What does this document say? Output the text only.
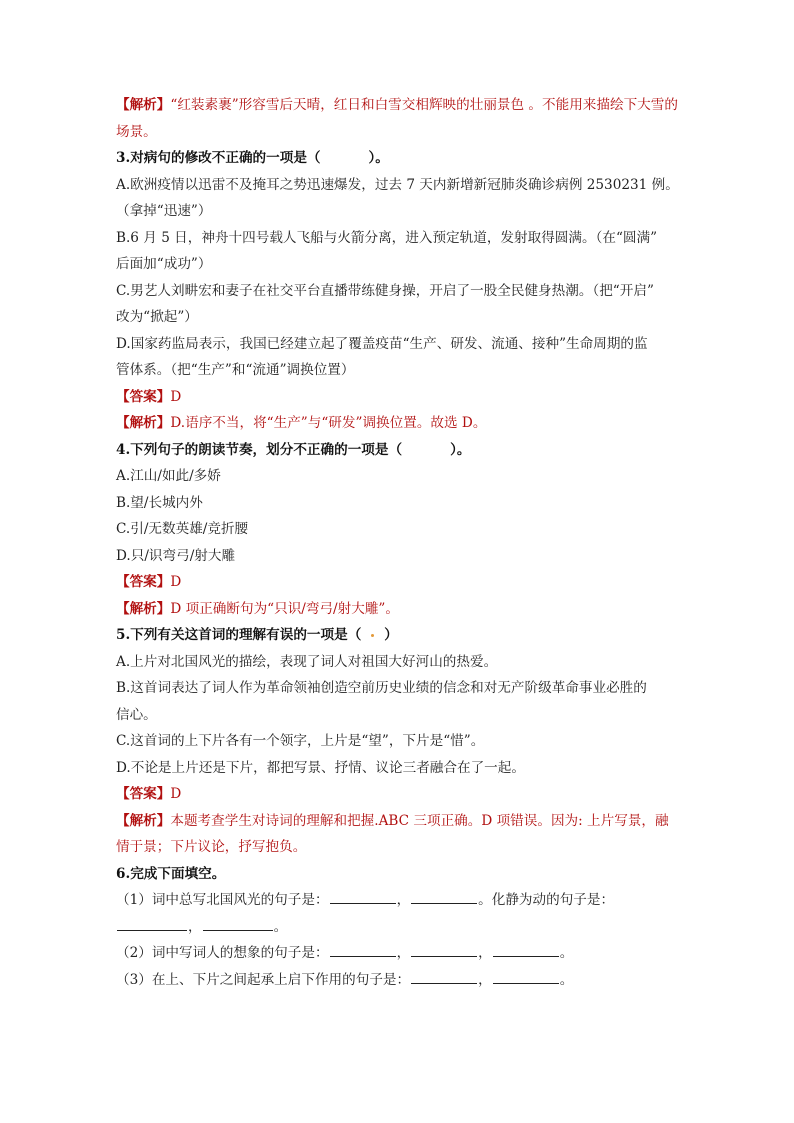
【解析】“红装素裹”形容雪后天晴，红日和白雪交相辉映的壮丽景色 。不能用来描绘下大雪的

场景。

3.对病句的修改不正确的一项是（	）。

A.欧洲疫情以迅雷不及掩耳之势迅速爆发，过去 7 天内新增新冠肺炎确诊病例 2530231 例。

（拿掉“迅速”）

B.6 月 5 日，神舟十四号载人飞船与火箭分离，进入预定轨道，发射取得圆满。（在“圆满”

后面加“成功”）

C.男艺人刘畊宏和妻子在社交平台直播带练健身操，开启了一股全民健身热潮。（把“开启”

改为“掀起”）

D.国家药监局表示，我国已经建立起了覆盖疫苗“生产、研发、流通、接种”生命周期的监

管体系。（把“生产”和“流通”调换位置）

【答案】D

【解析】D.语序不当，将“生产”与“研发”调换位置。故选 D。

4.下列句子的朗读节奏，划分不正确的一项是（	）。

A.江山/如此/多娇

B.望/长城内外

C.引/无数英雄/竞折腰

D.只/识弯弓/射大雕

【答案】D

【解析】D 项正确断句为“只识/弯弓/射大雕”。

5.下列有关这首词的理解有误的一项是（ ）

A.上片对北国风光的描绘，表现了词人对祖国大好河山的热爱。

B.这首词表达了词人作为革命领袖创造空前历史业绩的信念和对无产阶级革命事业必胜的

信心。

C.这首词的上下片各有一个领字，上片是“望”，下片是“惜”。

D.不论是上片还是下片，都把写景、抒情、议论三者融合在了一起。

【答案】D

【解析】本题考查学生对诗词的理解和把握.ABC 三项正确。D 项错误。因为: 上片写景，融

情于景；下片议论，抒写抱负。

6.完成下面填空。

（1）词中总写北国风光的句子是：	，	。化静为动的句子是：

，	。

（2）词中写词人的想象的句子是：	，	，	。

（3）在上、下片之间起承上启下作用的句子是：	，	。
